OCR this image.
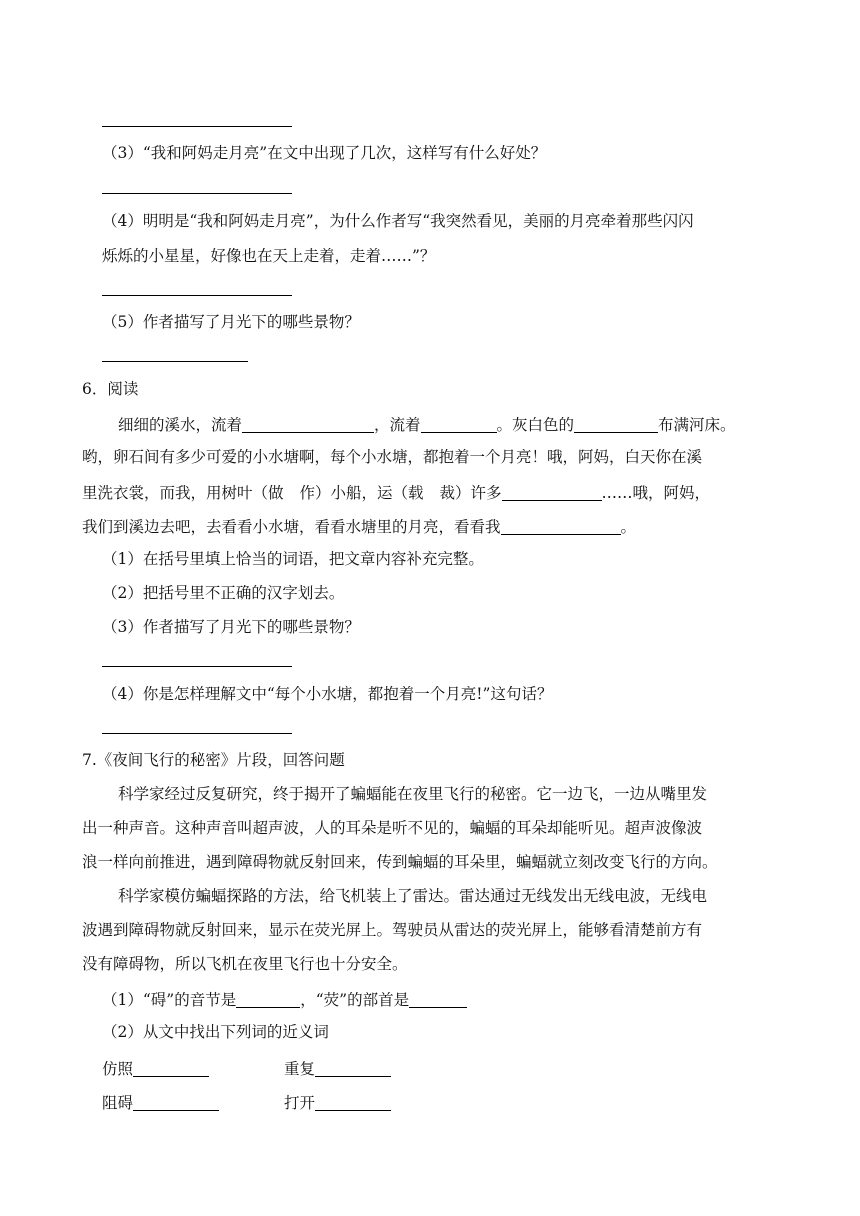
（3）“我和阿妈走月亮”在文中出现了几次，这样写有什么好处？
（4）明明是“我和阿妈走月亮”，为什么作者写“我突然看见，美丽的月亮牵着那些闪闪
烁烁的小星星，好像也在天上走着，走着……”？
（5）作者描写了月光下的哪些景物？
6．阅读
细细的溪水，流着	，流着	。灰白色的	布满河床。
哟，卵石间有多少可爱的小水塘啊，每个小水塘，都抱着一个月亮！哦，阿妈，白天你在溪
里洗衣裳，而我，用树叶（做 作）小船，运（载 裁）许多	……哦，阿妈，
我们到溪边去吧，去看看小水塘，看看水塘里的月亮，看看我	。
（1）在括号里填上恰当的词语，把文章内容补充完整。
（2）把括号里不正确的汉字划去。
（3）作者描写了月光下的哪些景物？
（4）你是怎样理解文中“每个小水塘，都抱着一个月亮!”这句话？
7.《夜间飞行的秘密》片段，回答问题
科学家经过反复研究，终于揭开了蝙蝠能在夜里飞行的秘密。它一边飞，一边从嘴里发
出一种声音。这种声音叫超声波，人的耳朵是听不见的，蝙蝠的耳朵却能听见。超声波像波
浪一样向前推进，遇到障碍物就反射回来，传到蝙蝠的耳朵里，蝙蝠就立刻改变飞行的方向。
科学家模仿蝙蝠探路的方法，给飞机装上了雷达。雷达通过无线发出无线电波，无线电
波遇到障碍物就反射回来，显示在荧光屏上。驾驶员从雷达的荧光屏上，能够看清楚前方有
没有障碍物，所以飞机在夜里飞行也十分安全。
（1）“碍”的音节是	，“荧”的部首是
（2）从文中找出下列词的近义词
仿照	重复
阻碍	打开
